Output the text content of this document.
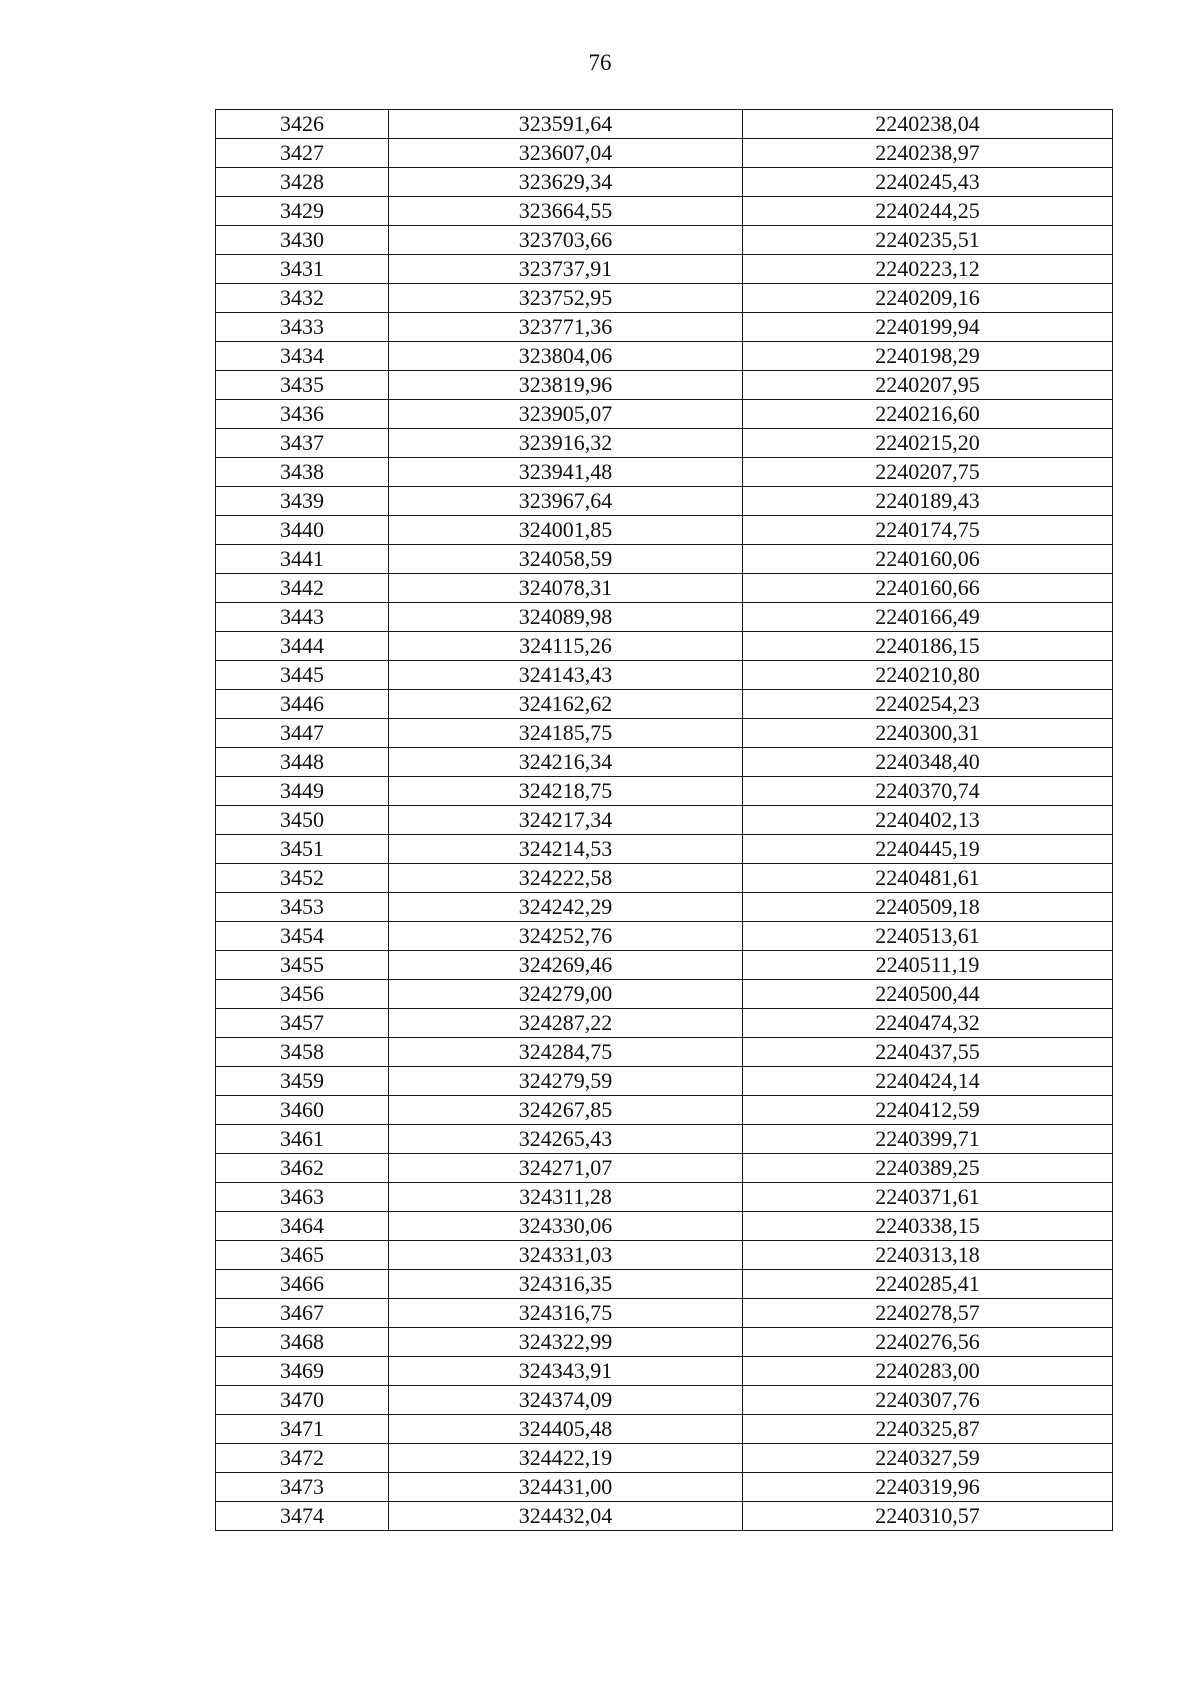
76
3426	323591,64	2240238,04
3427	323607,04	2240238,97
3428	323629,34	2240245,43
3429	323664,55	2240244,25
3430	323703,66	2240235,51
3431	323737,91	2240223,12
3432	323752,95	2240209,16
3433	323771,36	2240199,94
3434	323804,06	2240198,29
3435	323819,96	2240207,95
3436	323905,07	2240216,60
3437	323916,32	2240215,20
3438	323941,48	2240207,75
3439	323967,64	2240189,43
3440	324001,85	2240174,75
3441	324058,59	2240160,06
3442	324078,31	2240160,66
3443	324089,98	2240166,49
3444	324115,26	2240186,15
3445	324143,43	2240210,80
3446	324162,62	2240254,23
3447	324185,75	2240300,31
3448	324216,34	2240348,40
3449	324218,75	2240370,74
3450	324217,34	2240402,13
3451	324214,53	2240445,19
3452	324222,58	2240481,61
3453	324242,29	2240509,18
3454	324252,76	2240513,61
3455	324269,46	2240511,19
3456	324279,00	2240500,44
3457	324287,22	2240474,32
3458	324284,75	2240437,55
3459	324279,59	2240424,14
3460	324267,85	2240412,59
3461	324265,43	2240399,71
3462	324271,07	2240389,25
3463	324311,28	2240371,61
3464	324330,06	2240338,15
3465	324331,03	2240313,18
3466	324316,35	2240285,41
3467	324316,75	2240278,57
3468	324322,99	2240276,56
3469	324343,91	2240283,00
3470	324374,09	2240307,76
3471	324405,48	2240325,87
3472	324422,19	2240327,59
3473	324431,00	2240319,96
3474	324432,04	2240310,57
